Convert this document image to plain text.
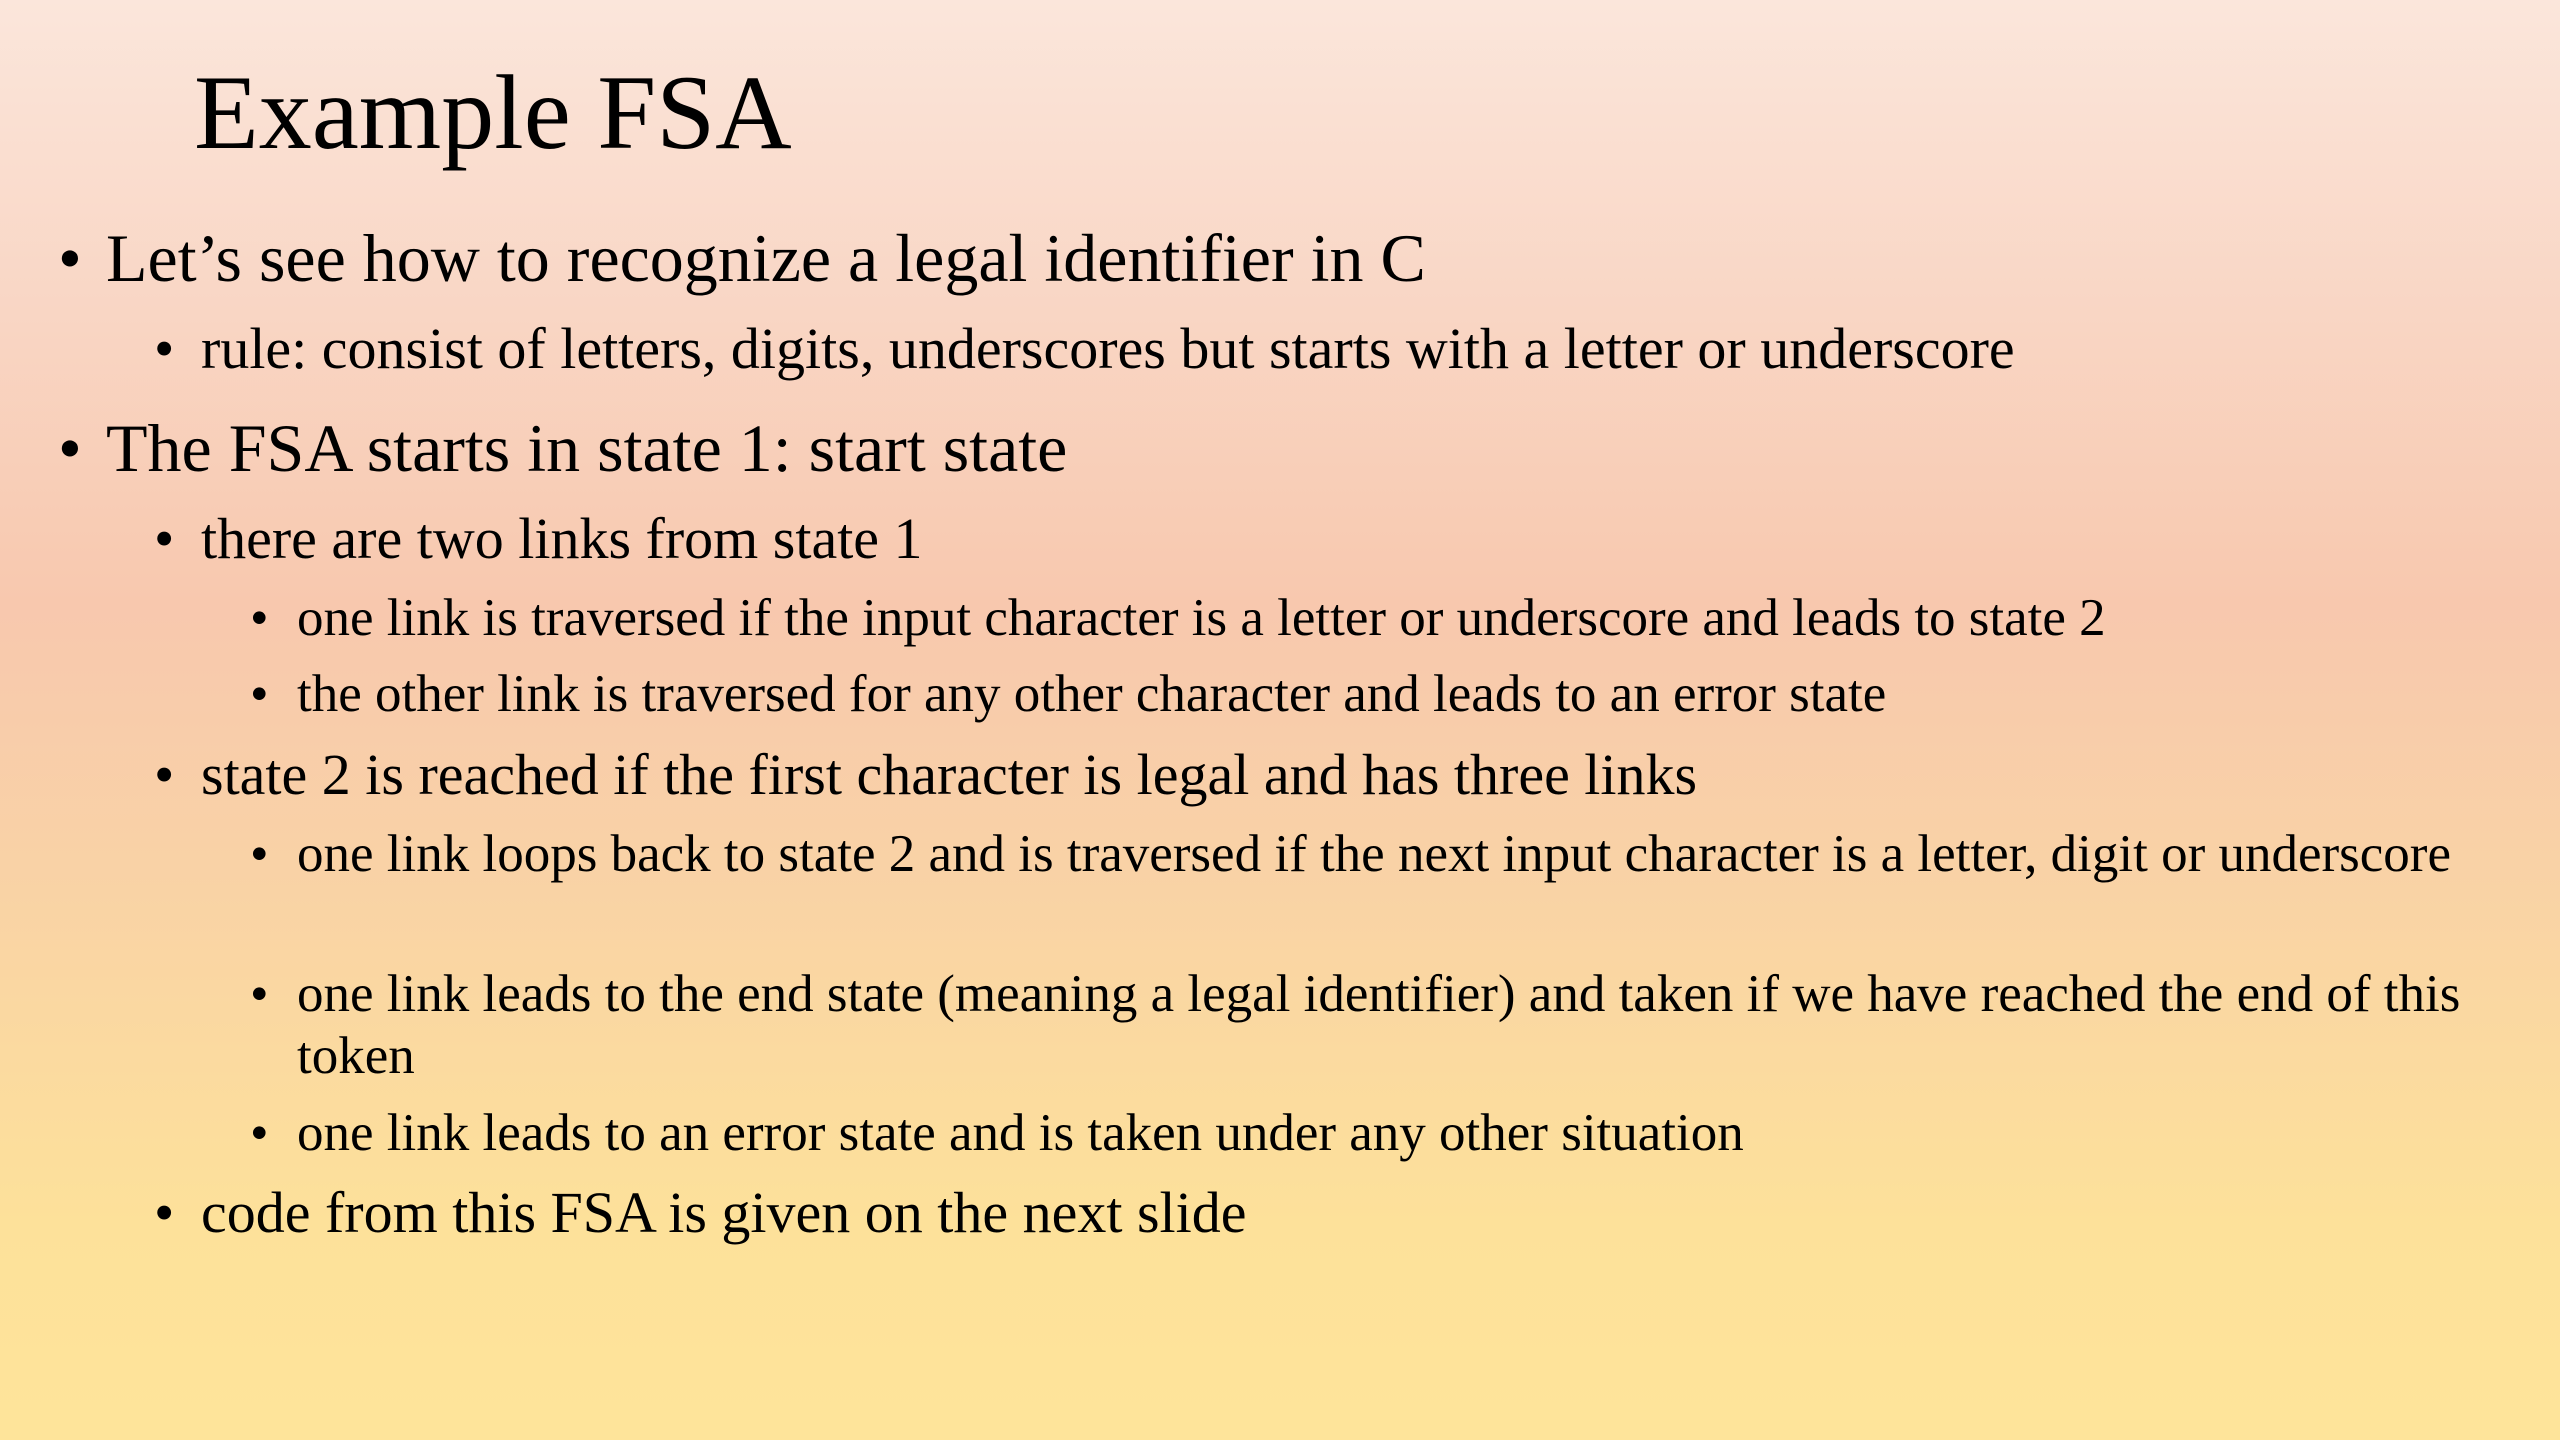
Example FSA
• Let’s see how to recognize a legal identifier in C
• rule: consist of letters, digits, underscores but starts with a letter or underscore
• The FSA starts in state 1: start state
• there are two links from state 1
• one link is traversed if the input character is a letter or underscore and leads to state 2
• the other link is traversed for any other character and leads to an error state
• state 2 is reached if the first character is legal and has three links
• one link loops back to state 2 and is traversed if the next input character is a letter, digit or underscore
• one link leads to the end state (meaning a legal identifier) and taken if we have reached the end of this token
• one link leads to an error state and is taken under any other situation
• code from this FSA is given on the next slide
